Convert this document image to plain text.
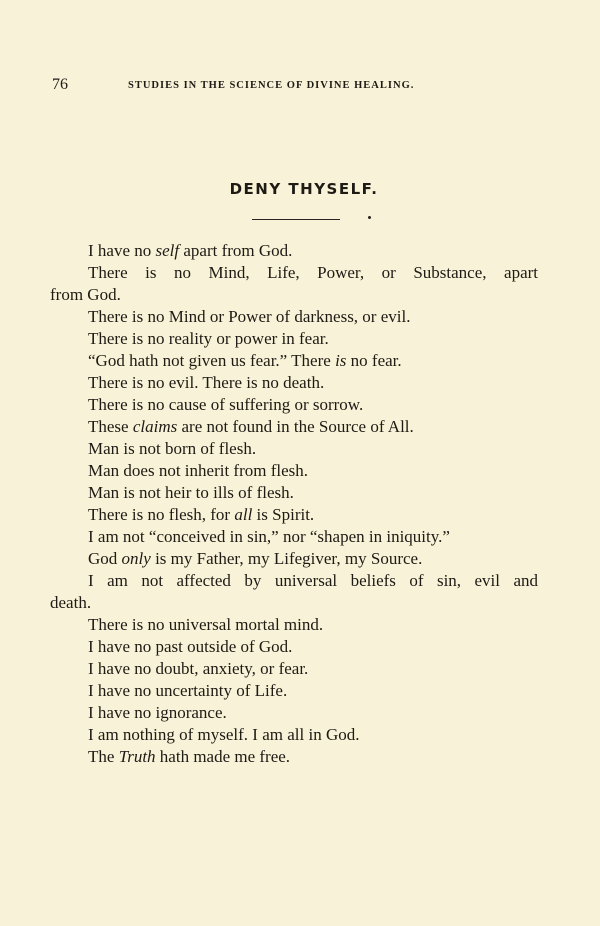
76	STUDIES IN THE SCIENCE OF DIVINE HEALING.
DENY THYSELF.
I have no self apart from God.
There is no Mind, Life, Power, or Substance, apart
from God.
There is no Mind or Power of darkness, or evil.
There is no reality or power in fear.
“God hath not given us fear.” There is no fear.
There is no evil. There is no death.
There is no cause of suffering or sorrow.
These claims are not found in the Source of All.
Man is not born of flesh.
Man does not inherit from flesh.
Man is not heir to ills of flesh.
There is no flesh, for all is Spirit.
I am not “conceived in sin,” nor “shapen in iniquity.”
God only is my Father, my Lifegiver, my Source.
I am not affected by universal beliefs of sin, evil and
death.
There is no universal mortal mind.
I have no past outside of God.
I have no doubt, anxiety, or fear.
I have no uncertainty of Life.
I have no ignorance.
I am nothing of myself. I am all in God.
The Truth hath made me free.
